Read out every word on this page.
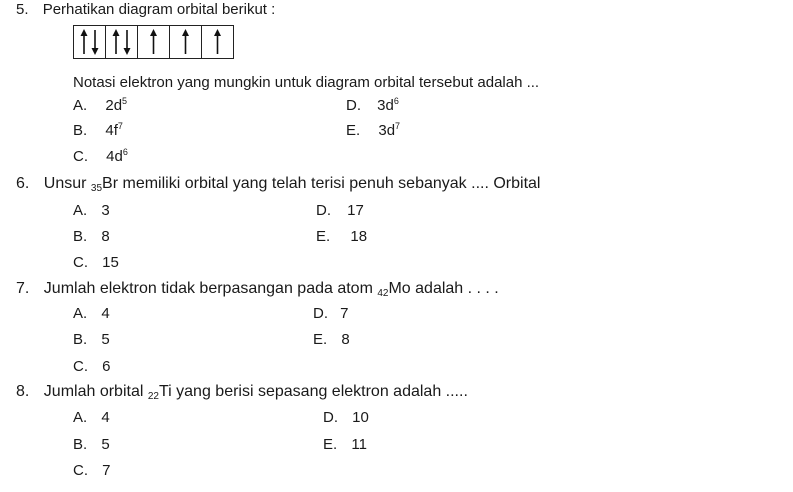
5. Perhatikan diagram orbital berikut :
Notasi elektron yang mungkin untuk diagram orbital tersebut adalah ...
A. $2d^5$	D. $3d^6$
B. $4f^7$	E. $3d^7$
C. $4d^6$
6. Unsur $_{35}$Br memiliki orbital yang telah terisi penuh sebanyak .... Orbital
A. 3	D. 17
B. 8	E. 18
C. 15
7. Jumlah elektron tidak berpasangan pada atom $_{42}$Mo adalah . . . .
A. 4	D. 7
B. 5	E. 8
C. 6
8. Jumlah orbital $_{22}$Ti yang berisi sepasang elektron adalah .....
A. 4	D. 10
B. 5	E. 11
C. 7
